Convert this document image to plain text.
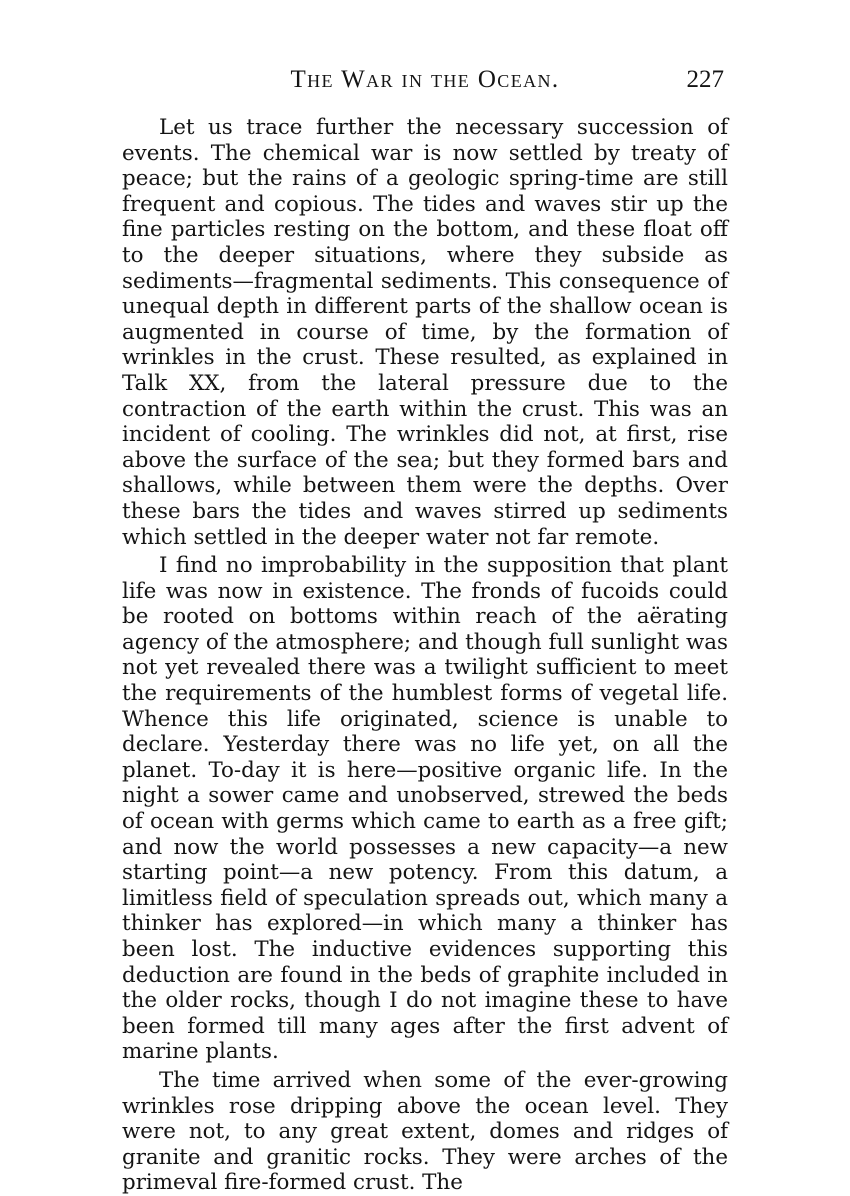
The War in the Ocean.	227

Let us trace further the necessary succession of events. The chemical war is now settled by treaty of peace; but the rains of a geologic spring-time are still frequent and copious. The tides and waves stir up the fine particles resting on the bottom, and these float off to the deeper situations, where they subside as sediments—fragmental sediments. This consequence of unequal depth in different parts of the shallow ocean is augmented in course of time, by the formation of wrinkles in the crust. These resulted, as explained in Talk XX, from the lateral pressure due to the contraction of the earth within the crust. This was an incident of cooling. The wrinkles did not, at first, rise above the surface of the sea; but they formed bars and shallows, while between them were the depths. Over these bars the tides and waves stirred up sediments which settled in the deeper water not far remote.

I find no improbability in the supposition that plant life was now in existence. The fronds of fucoids could be rooted on bottoms within reach of the aërating agency of the atmosphere; and though full sunlight was not yet revealed there was a twilight sufficient to meet the requirements of the humblest forms of vegetal life. Whence this life originated, science is unable to declare. Yesterday there was no life yet, on all the planet. To-day it is here—positive organic life. In the night a sower came and unobserved, strewed the beds of ocean with germs which came to earth as a free gift; and now the world possesses a new capacity—a new starting point—a new potency. From this datum, a limitless field of speculation spreads out, which many a thinker has explored—in which many a thinker has been lost. The inductive evidences supporting this deduction are found in the beds of graphite included in the older rocks, though I do not imagine these to have been formed till many ages after the first advent of marine plants.

The time arrived when some of the ever-growing wrinkles rose dripping above the ocean level. They were not, to any great extent, domes and ridges of granite and granitic rocks. They were arches of the primeval fire-formed crust. The
